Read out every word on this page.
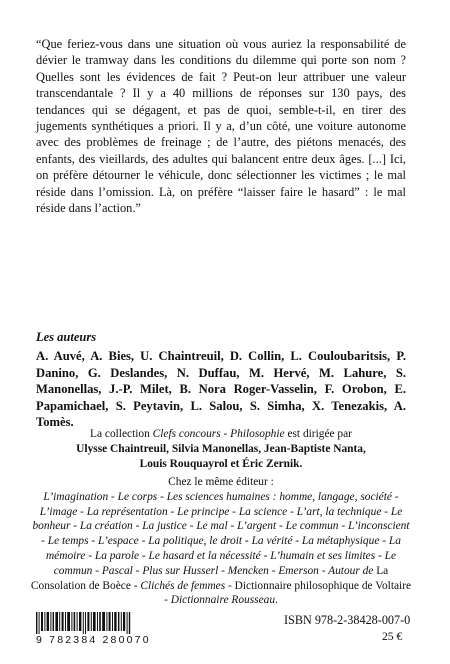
“Que feriez-vous dans une situation où vous auriez la responsabilité de dévier le tramway dans les conditions du dilemme qui porte son nom ? Quelles sont les évidences de fait ? Peut-on leur attribuer une valeur transcendantale ? Il y a 40 millions de réponses sur 130 pays, des tendances qui se dégagent, et pas de quoi, semble-t-il, en tirer des jugements synthétiques a priori. Il y a, d’un côté, une voiture autonome avec des problèmes de freinage ; de l’autre, des piétons menacés, des enfants, des vieillards, des adultes qui balancent entre deux âges. [...] Ici, on préfère détourner le véhicule, donc sélectionner les victimes ; le mal réside dans l’omission. Là, on préfère “laisser faire le hasard” : le mal réside dans l’action.”

Les auteurs

A. Auvé, A. Bies, U. Chaintreuil, D. Collin, L. Couloubaritsis, P. Danino, G. Deslandes, N. Duffau, M. Hervé, M. Lahure, S. Manonellas, J.-P. Milet, B. Nora Roger-Vasselin, F. Orobon, E. Papamichael, S. Peytavin, L. Salou, S. Simha, X. Tenezakis, A. Tomès.

La collection Clefs concours - Philosophie est dirigée par
Ulysse Chaintreuil, Silvia Manonellas, Jean-Baptiste Nanta,
Louis Rouquayrol et Éric Zernik.

Chez le même éditeur :
L’imagination - Le corps - Les sciences humaines : homme, langage, société - L’image - La représentation - Le principe - La science - L’art, la technique - Le bonheur - La création - La justice - Le mal - L’argent - Le commun - L’inconscient - Le temps - L’espace - La politique, le droit - La vérité - La métaphysique - La mémoire - La parole - Le hasard et la nécessité - L’humain et ses limites - Le commun - Pascal - Plus sur Husserl - Mencken - Emerson - Autour de La Consolation de Boèce - Clichés de femmes - Dictionnaire philosophique de Voltaire - Dictionnaire Rousseau.

9 782384 280070
ISBN 978-2-38428-007-0
25 €
